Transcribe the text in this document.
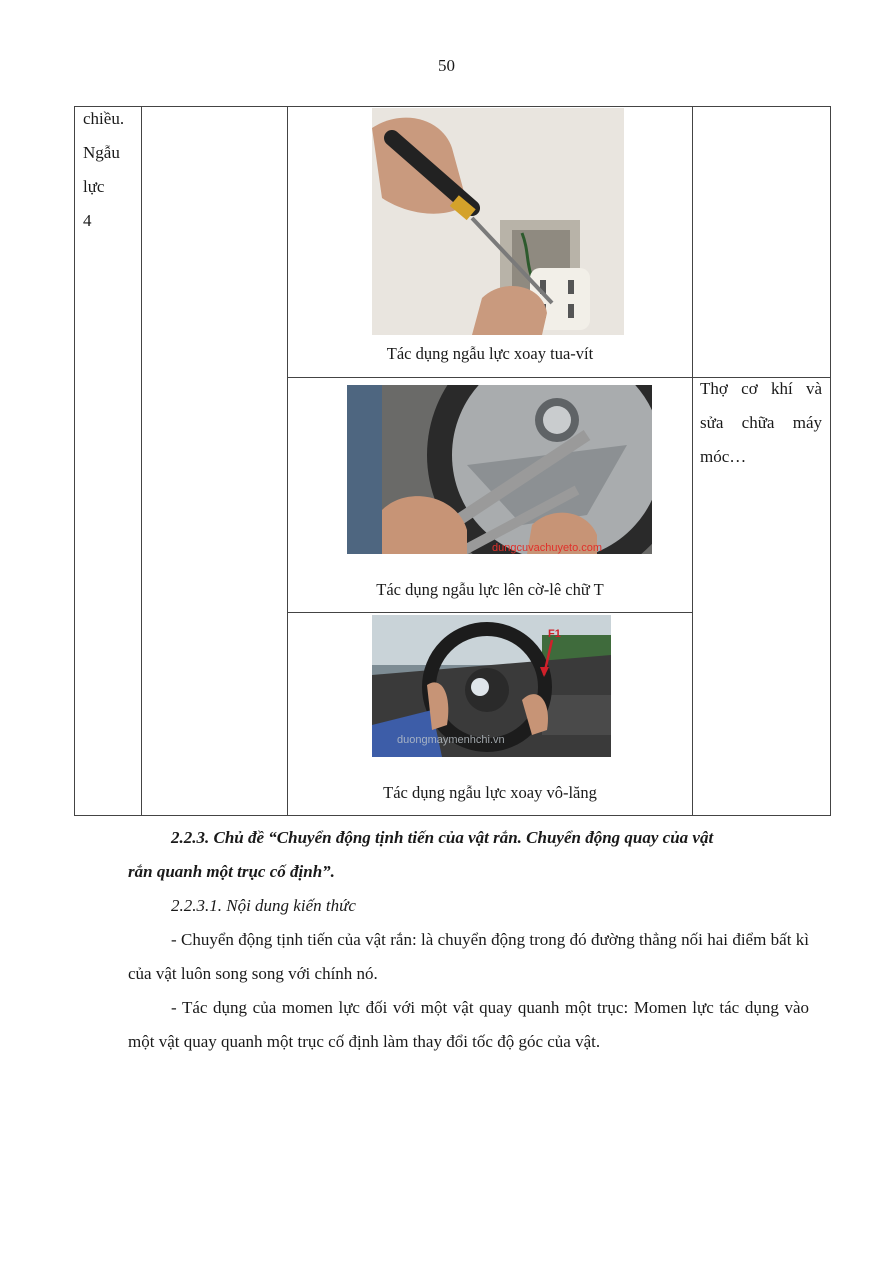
50
chiều.
Ngẫu
lực
4
Tác dụng ngẫu lực xoay tua-vít
dungcuvachuyeto.com
Tác dụng ngẫu lực lên cờ-lê chữ T
F1
duongmaymenhchi.vn
Tác dụng ngẫu lực xoay vô-lăng
Thợ cơ khí và
sửa chữa máy
móc…
2.2.3. Chủ đề “Chuyển động tịnh tiến của vật rắn. Chuyển động quay của vật
rắn quanh một trục cố định”.
2.2.3.1. Nội dung kiến thức
- Chuyển động tịnh tiến của vật rắn: là chuyển động trong đó đường thẳng nối hai điểm bất kì của vật luôn song song với chính nó.
- Tác dụng của momen lực đối với một vật quay quanh một trục: Momen lực tác dụng vào một vật quay quanh một trục cố định làm thay đổi tốc độ góc của vật.
